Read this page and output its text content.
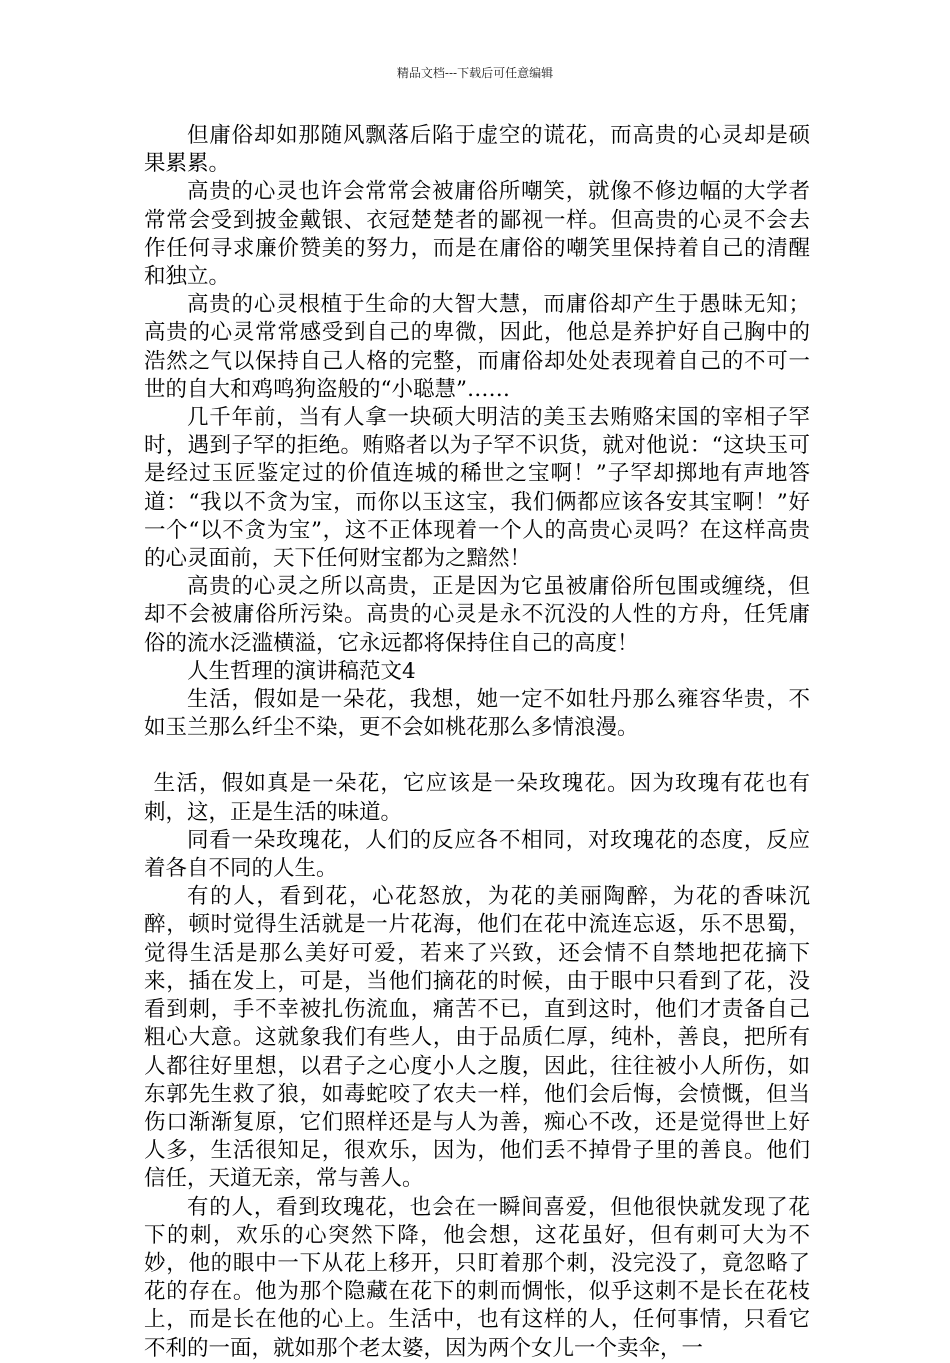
精品文档---下载后可任意编辑

但庸俗却如那随风飘落后陷于虚空的谎花，而高贵的心灵却是硕果累累。

高贵的心灵也许会常常会被庸俗所嘲笑，就像不修边幅的大学者常常会受到披金戴银、衣冠楚楚者的鄙视一样。但高贵的心灵不会去作任何寻求廉价赞美的努力，而是在庸俗的嘲笑里保持着自己的清醒和独立。

高贵的心灵根植于生命的大智大慧，而庸俗却产生于愚昧无知；高贵的心灵常常感受到自己的卑微，因此，他总是养护好自己胸中的浩然之气以保持自己人格的完整，而庸俗却处处表现着自己的不可一世的自大和鸡鸣狗盗般的“小聪慧”……

几千年前，当有人拿一块硕大明洁的美玉去贿赂宋国的宰相子罕时，遇到子罕的拒绝。贿赂者以为子罕不识货，就对他说：“这块玉可是经过玉匠鉴定过的价值连城的稀世之宝啊！”子罕却掷地有声地答道：“我以不贪为宝，而你以玉这宝，我们俩都应该各安其宝啊！”好一个“以不贪为宝”，这不正体现着一个人的高贵心灵吗？在这样高贵的心灵面前，天下任何财宝都为之黯然！

高贵的心灵之所以高贵，正是因为它虽被庸俗所包围或缠绕，但却不会被庸俗所污染。高贵的心灵是永不沉没的人性的方舟，任凭庸俗的流水泛滥横溢，它永远都将保持住自己的高度！

人生哲理的演讲稿范文4

生活，假如是一朵花，我想，她一定不如牡丹那么雍容华贵，不如玉兰那么纤尘不染，更不会如桃花那么多情浪漫。

生活，假如真是一朵花，它应该是一朵玫瑰花。因为玫瑰有花也有刺，这，正是生活的味道。

同看一朵玫瑰花，人们的反应各不相同，对玫瑰花的态度，反应着各自不同的人生。

有的人，看到花，心花怒放，为花的美丽陶醉，为花的香味沉醉，顿时觉得生活就是一片花海，他们在花中流连忘返，乐不思蜀，觉得生活是那么美好可爱，若来了兴致，还会情不自禁地把花摘下来，插在发上，可是，当他们摘花的时候，由于眼中只看到了花，没看到刺，手不幸被扎伤流血，痛苦不已，直到这时，他们才责备自己粗心大意。这就象我们有些人，由于品质仁厚，纯朴，善良，把所有人都往好里想，以君子之心度小人之腹，因此，往往被小人所伤，如东郭先生救了狼，如毒蛇咬了农夫一样，他们会后悔，会愤慨，但当伤口渐渐复原，它们照样还是与人为善，痴心不改，还是觉得世上好人多，生活很知足，很欢乐，因为，他们丢不掉骨子里的善良。他们信任，天道无亲，常与善人。

有的人，看到玫瑰花，也会在一瞬间喜爱，但他很快就发现了花下的刺，欢乐的心突然下降，他会想，这花虽好，但有刺可大为不妙，他的眼中一下从花上移开，只盯着那个刺，没完没了，竟忽略了花的存在。他为那个隐藏在花下的刺而惆怅，似乎这刺不是长在花枝上，而是长在他的心上。生活中，也有这样的人，任何事情，只看它不利的一面，就如那个老太婆，因为两个女儿一个卖伞，一
